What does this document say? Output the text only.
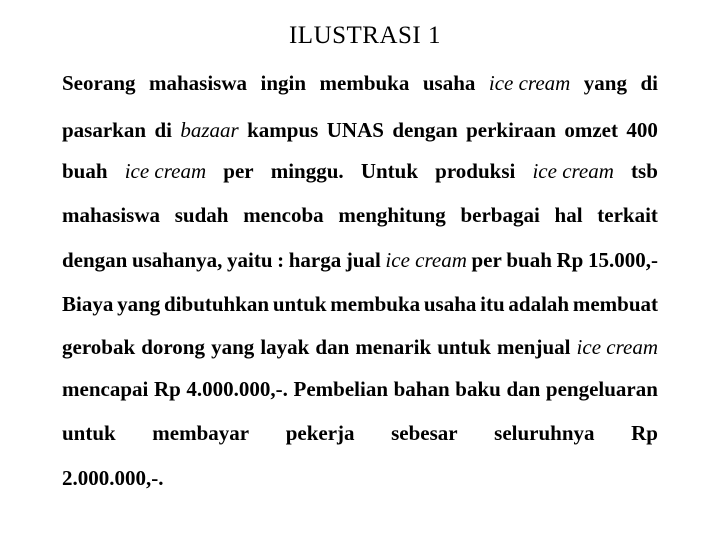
ILUSTRASI 1
Seorang mahasiswa ingin membuka usaha ice cream yang di
pasarkan di bazaar kampus UNAS dengan perkiraan omzet 400
buah ice cream per minggu. Untuk produksi ice cream tsb
mahasiswa sudah mencoba menghitung berbagai hal terkait
dengan usahanya, yaitu : harga jual ice cream per buah Rp 15.000,-
Biaya yang dibutuhkan untuk membuka usaha itu adalah membuat
gerobak dorong yang layak dan menarik untuk menjual ice cream
mencapai Rp 4.000.000,-. Pembelian bahan baku dan pengeluaran
untuk membayar pekerja sebesar seluruhnya Rp
2.000.000,-.
